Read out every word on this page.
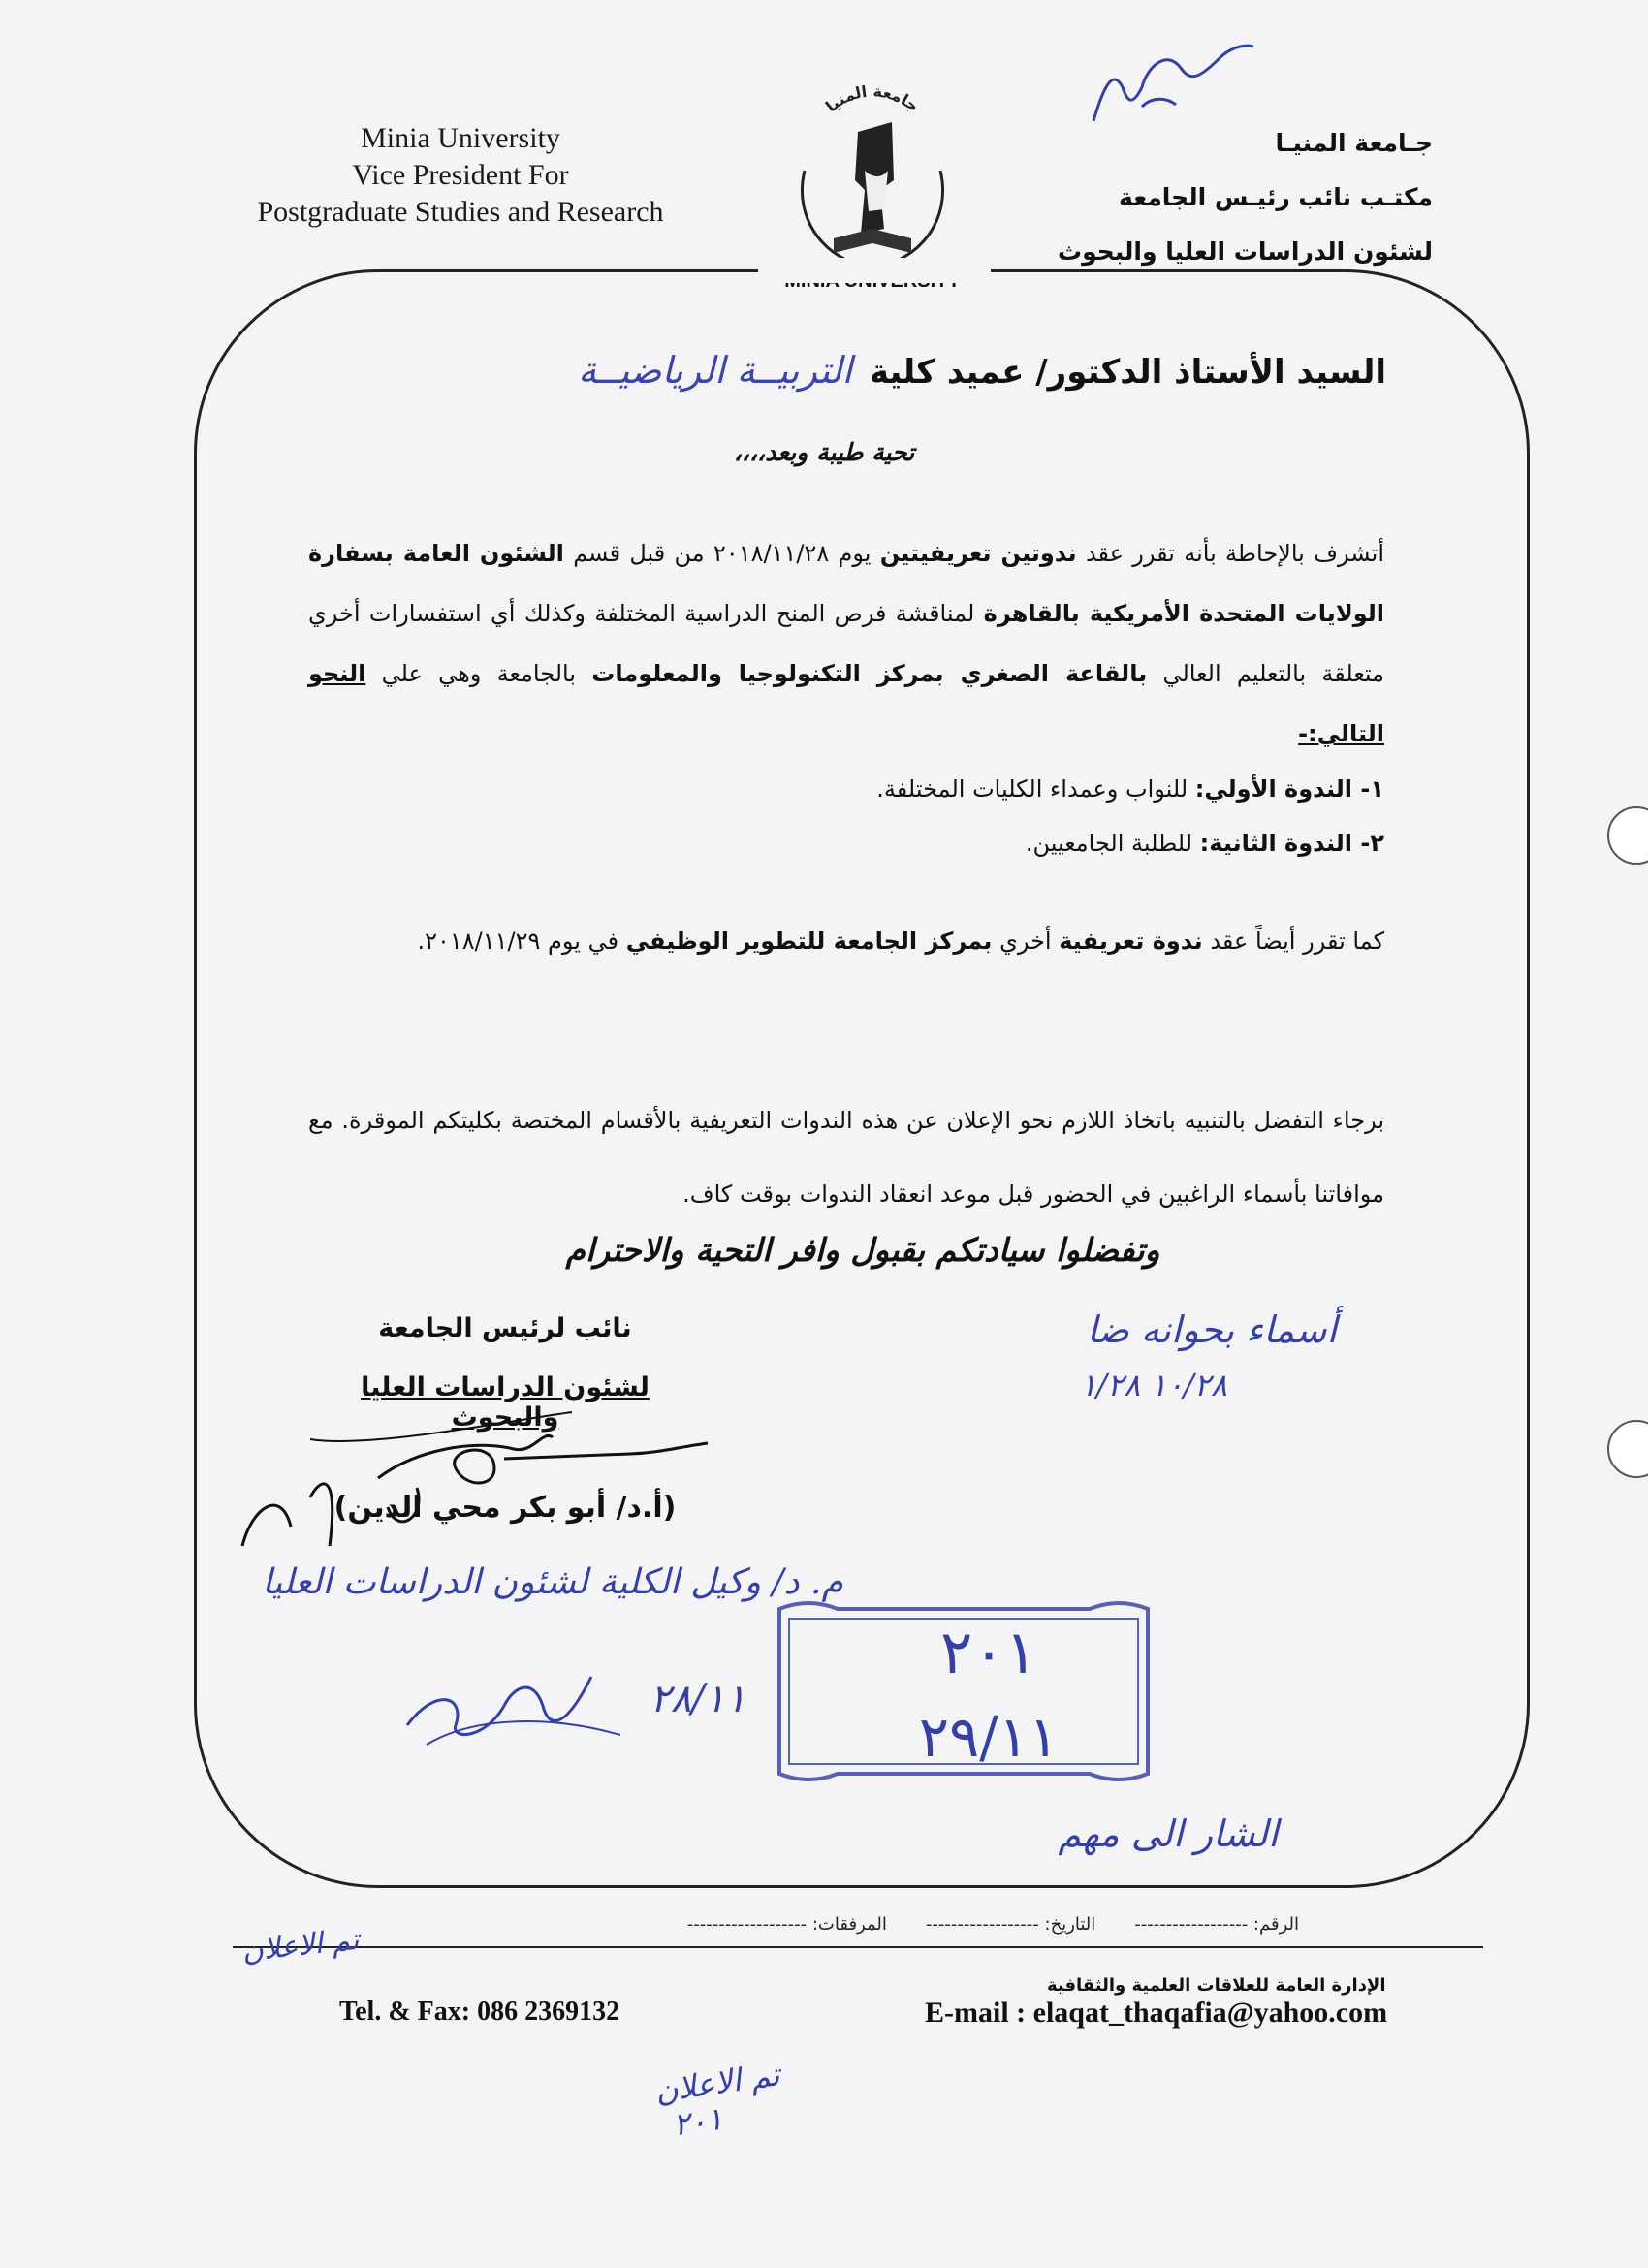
Minia University
Vice President For
Postgraduate Studies and Research
جـامعة المنيـا
مكتـب نائب رئيـس الجامعة
لشئون الدراسات العليا والبحوث
جامعة المنيا
السيد الأستاذ الدكتور/ عميد كلية التربيــة الرياضيــة
تحية طيبة وبعد،،،،
أتشرف بالإحاطة بأنه تقرر عقد ندوتين تعريفيتين يوم ٢٠١٨/١١/٢٨ من قبل قسم الشئون العامة بسفارة الولايات المتحدة الأمريكية بالقاهرة لمناقشة فرص المنح الدراسية المختلفة وكذلك أي استفسارات أخري متعلقة بالتعليم العالي بالقاعة الصغري بمركز التكنولوجيا والمعلومات بالجامعة وهي علي النحو التالي:-
١- الندوة الأولي: للنواب وعمداء الكليات المختلفة.
٢- الندوة الثانية: للطلبة الجامعيين.
كما تقرر أيضاً عقد ندوة تعريفية أخري بمركز الجامعة للتطوير الوظيفي في يوم ٢٠١٨/١١/٢٩.
برجاء التفضل بالتنبيه باتخاذ اللازم نحو الإعلان عن هذه الندوات التعريفية بالأقسام المختصة بكليتكم الموقرة. مع موافاتنا بأسماء الراغبين في الحضور قبل موعد انعقاد الندوات بوقت كاف.
وتفضلوا سيادتكم بقبول وافر التحية والاحترام
نائب لرئيس الجامعة
لشئون الدراسات العليا والبحوث
(أ.د/ أبو بكر محي الدين)
أسماء بحوانه ضا
١٠/٢٨ ١/٢٨
م. د/ وكيل الكلية لشئون الدراسات العليا
٢٨/١١
٢٠١
٢٩/١١
الشار الى مهم
الرقم: ------------------
التاريخ: ------------------
المرفقات: -------------------
تم الاعلان
الإدارة العامة للعلاقات العلمية والثقافية
Tel. & Fax: 086 2369132	E-mail : elaqat_thaqafia@yahoo.com
تم الاعلان
٢٠١
